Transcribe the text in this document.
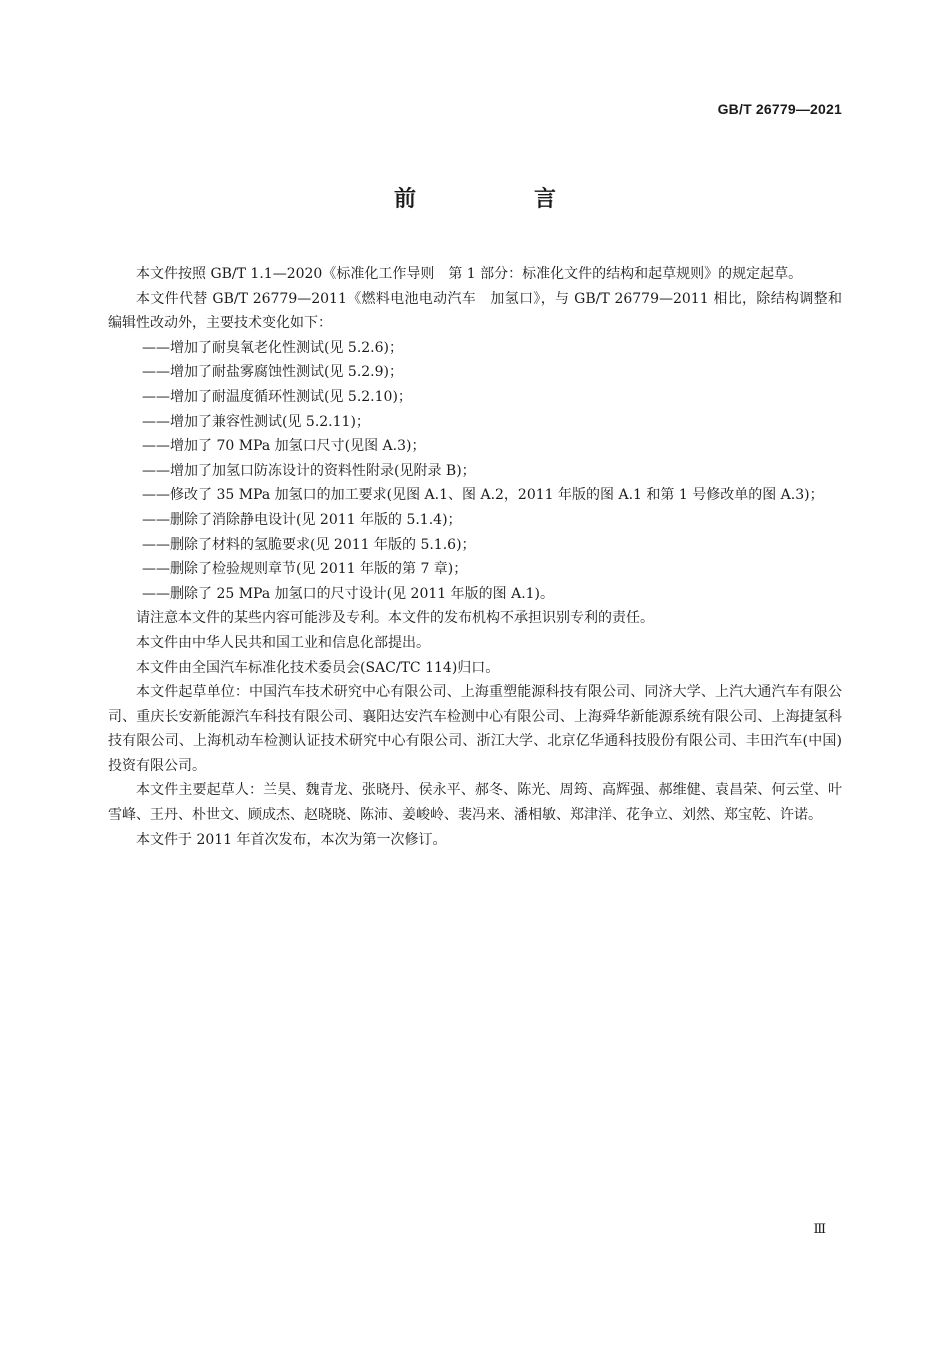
GB/T 26779—2021
前　言

本文件按照 GB/T 1.1—2020《标准化工作导则　第 1 部分：标准化文件的结构和起草规则》的规定起草。

本文件代替 GB/T 26779—2011《燃料电池电动汽车　加氢口》，与 GB/T 26779—2011 相比，除结构调整和编辑性改动外，主要技术变化如下：

——增加了耐臭氧老化性测试(见 5.2.6)；

——增加了耐盐雾腐蚀性测试(见 5.2.9)；

——增加了耐温度循环性测试(见 5.2.10)；

——增加了兼容性测试(见 5.2.11)；

——增加了 70 MPa 加氢口尺寸(见图 A.3)；

——增加了加氢口防冻设计的资料性附录(见附录 B)；

——修改了 35 MPa 加氢口的加工要求(见图 A.1、图 A.2，2011 年版的图 A.1 和第 1 号修改单的图 A.3)；

——删除了消除静电设计(见 2011 年版的 5.1.4)；

——删除了材料的氢脆要求(见 2011 年版的 5.1.6)；

——删除了检验规则章节(见 2011 年版的第 7 章)；

——删除了 25 MPa 加氢口的尺寸设计(见 2011 年版的图 A.1)。

请注意本文件的某些内容可能涉及专利。本文件的发布机构不承担识别专利的责任。

本文件由中华人民共和国工业和信息化部提出。

本文件由全国汽车标准化技术委员会(SAC/TC 114)归口。

本文件起草单位：中国汽车技术研究中心有限公司、上海重塑能源科技有限公司、同济大学、上汽大通汽车有限公司、重庆长安新能源汽车科技有限公司、襄阳达安汽车检测中心有限公司、上海舜华新能源系统有限公司、上海捷氢科技有限公司、上海机动车检测认证技术研究中心有限公司、浙江大学、北京亿华通科技股份有限公司、丰田汽车(中国)投资有限公司。

本文件主要起草人：兰昊、魏青龙、张晓丹、侯永平、郝冬、陈光、周筠、高辉强、郝维健、袁昌荣、何云堂、叶雪峰、王丹、朴世文、顾成杰、赵晓晓、陈沛、姜峻岭、裴冯来、潘相敏、郑津洋、花争立、刘然、郑宝乾、许诺。

本文件于 2011 年首次发布，本次为第一次修订。

Ⅲ
